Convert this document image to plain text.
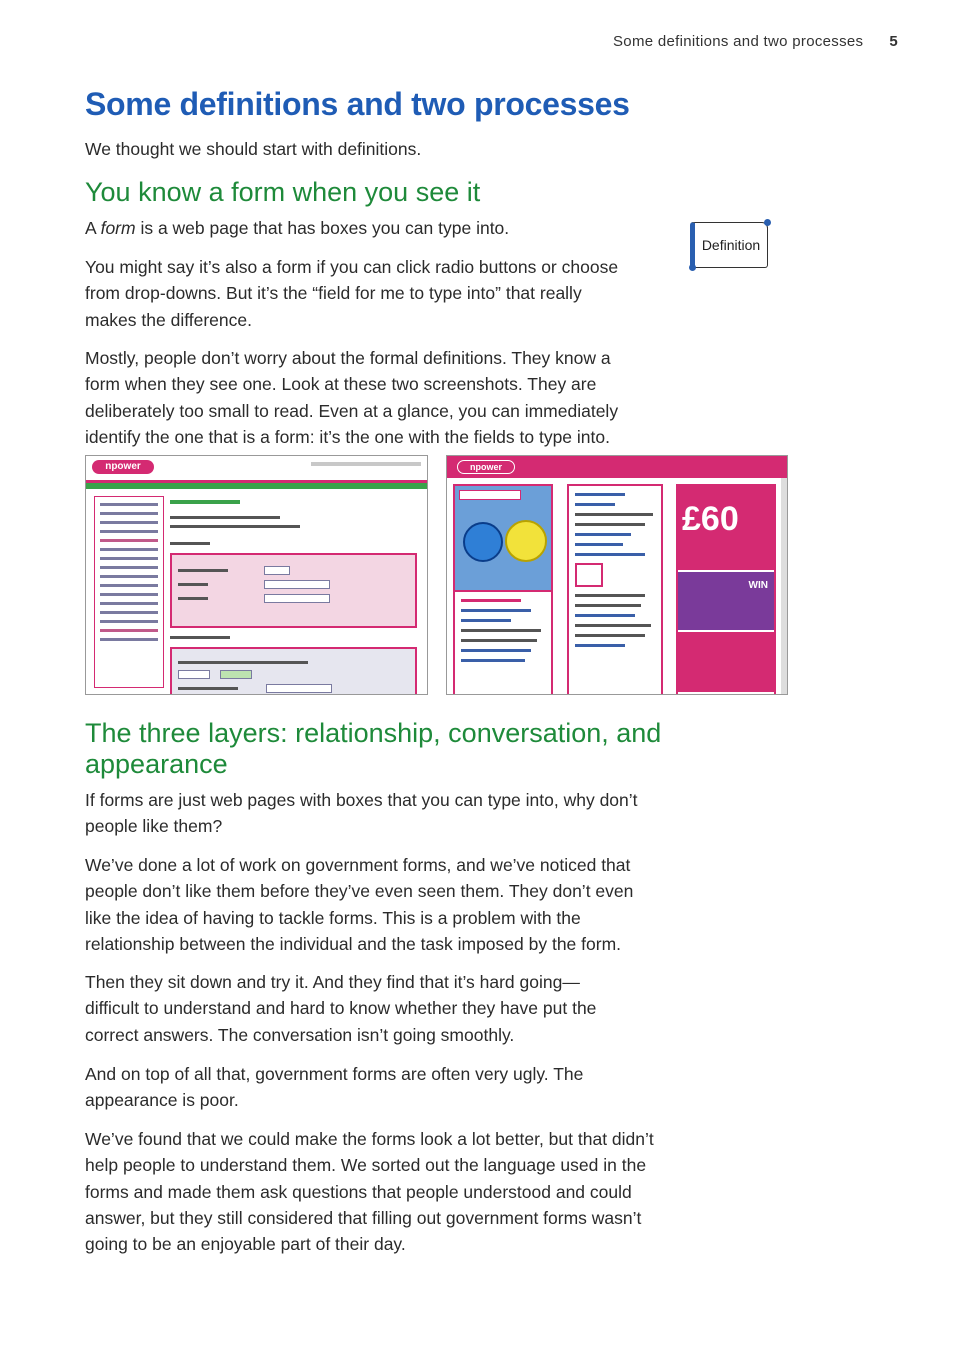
Some definitions and two processes 5
Some definitions and two processes

We thought we should start with definitions.

You know a form when you see it

A form is a web page that has boxes you can type into.

You might say it’s also a form if you can click radio buttons or choose from drop-downs. But it’s the “field for me to type into” that really makes the difference.

Mostly, people don’t worry about the formal definitions. They know a form when they see one. Look at these two screenshots. They are deliberately too small to read. Even at a glance, you can immediately identify the one that is a form: it’s the one with the fields to type into.

Definition
npower	npower
£60
WIN
The three layers: relationship, conversation, and appearance

If forms are just web pages with boxes that you can type into, why don’t people like them?

We’ve done a lot of work on government forms, and we’ve noticed that people don’t like them before they’ve even seen them. They don’t even like the idea of having to tackle forms. This is a problem with the relationship between the individual and the task imposed by the form.

Then they sit down and try it. And they find that it’s hard going—difficult to understand and hard to know whether they have put the correct answers. The conversation isn’t going smoothly.

And on top of all that, government forms are often very ugly. The appearance is poor.

We’ve found that we could make the forms look a lot better, but that didn’t help people to understand them. We sorted out the language used in the forms and made them ask questions that people understood and could answer, but they still considered that filling out government forms wasn’t going to be an enjoyable part of their day.
